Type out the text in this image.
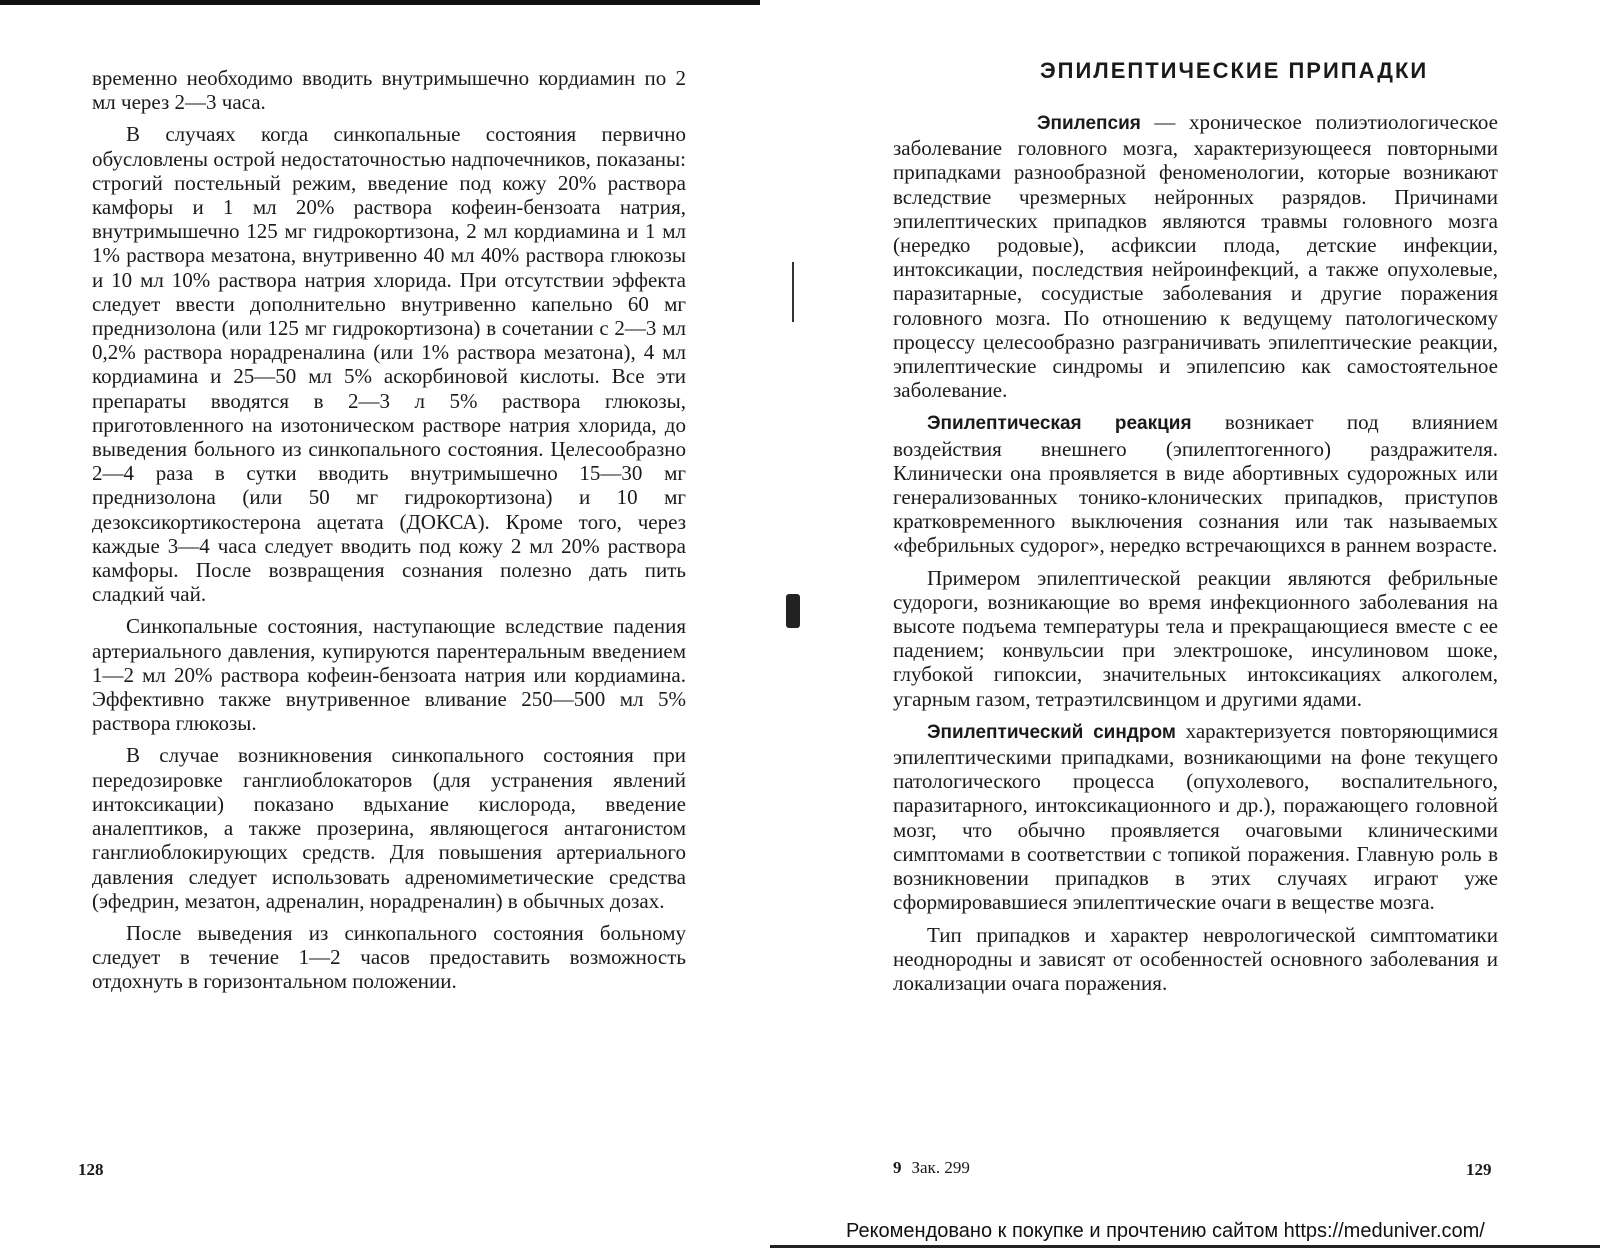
временно необходимо вводить внутримышечно кордиамин по 2 мл через 2—3 часа.

В случаях когда синкопальные состояния первично обусловлены острой недостаточностью надпочечников, показаны: строгий постельный режим, введение под кожу 20% раствора камфоры и 1 мл 20% раствора кофеин-бензоата натрия, внутримышечно 125 мг гидрокортизона, 2 мл кордиамина и 1 мл 1% раствора мезатона, внутривенно 40 мл 40% раствора глюкозы и 10 мл 10% раствора натрия хлорида. При отсутствии эффекта следует ввести дополнительно внутривенно капельно 60 мг преднизолона (или 125 мг гидрокортизона) в сочетании с 2—3 мл 0,2% раствора норадреналина (или 1% раствора мезатона), 4 мл кордиамина и 25—50 мл 5% аскорбиновой кислоты. Все эти препараты вводятся в 2—3 л 5% раствора глюкозы, приготовленного на изотоническом растворе натрия хлорида, до выведения больного из синкопального состояния. Целесообразно 2—4 раза в сутки вводить внутримышечно 15—30 мг преднизолона (или 50 мг гидрокортизона) и 10 мг дезоксикортикостерона ацетата (ДОКСА). Кроме того, через каждые 3—4 часа следует вводить под кожу 2 мл 20% раствора камфоры. После возвращения сознания полезно дать пить сладкий чай.

Синкопальные состояния, наступающие вследствие падения артериального давления, купируются парентеральным введением 1—2 мл 20% раствора кофеин-бензоата натрия или кордиамина. Эффективно также внутривенное вливание 250—500 мл 5% раствора глюкозы.

В случае возникновения синкопального состояния при передозировке ганглиоблокаторов (для устранения явлений интоксикации) показано вдыхание кислорода, введение аналептиков, а также прозерина, являющегося антагонистом ганглиоблокирующих средств. Для повышения артериального давления следует использовать адреномиметические средства (эфедрин, мезатон, адреналин, норадреналин) в обычных дозах.

После выведения из синкопального состояния больному следует в течение 1—2 часов предоставить возможность отдохнуть в горизонтальном положении.

128
ЭПИЛЕПТИЧЕСКИЕ ПРИПАДКИ

Эпилепсия — хроническое полиэтиологическое заболевание головного мозга, характеризующееся повторными припадками разнообразной феноменологии, которые возникают вследствие чрезмерных нейронных разрядов. Причинами эпилептических припадков являются травмы головного мозга (нередко родовые), асфиксии плода, детские инфекции, интоксикации, последствия нейроинфекций, а также опухолевые, паразитарные, сосудистые заболевания и другие поражения головного мозга. По отношению к ведущему патологическому процессу целесообразно разграничивать эпилептические реакции, эпилептические синдромы и эпилепсию как самостоятельное заболевание.

Эпилептическая реакция возникает под влиянием воздействия внешнего (эпилептогенного) раздражителя. Клинически она проявляется в виде абортивных судорожных или генерализованных тонико-клонических припадков, приступов кратковременного выключения сознания или так называемых «фебрильных судорог», нередко встречающихся в раннем возрасте.

Примером эпилептической реакции являются фебрильные судороги, возникающие во время инфекционного заболевания на высоте подъема температуры тела и прекращающиеся вместе с ее падением; конвульсии при электрошоке, инсулиновом шоке, глубокой гипоксии, значительных интоксикациях алкоголем, угарным газом, тетраэтилсвинцом и другими ядами.

Эпилептический синдром характеризуется повторяющимися эпилептическими припадками, возникающими на фоне текущего патологического процесса (опухолевого, воспалительного, паразитарного, интоксикационного и др.), поражающего головной мозг, что обычно проявляется очаговыми клиническими симптомами в соответствии с топикой поражения. Главную роль в возникновении припадков в этих случаях играют уже сформировавшиеся эпилептические очаги в веществе мозга.

Тип припадков и характер неврологической симптоматики неоднородны и зависят от особенностей основного заболевания и локализации очага поражения.

9 Зак. 299	129
Рекомендовано к покупке и прочтению сайтом https://meduniver.com/
